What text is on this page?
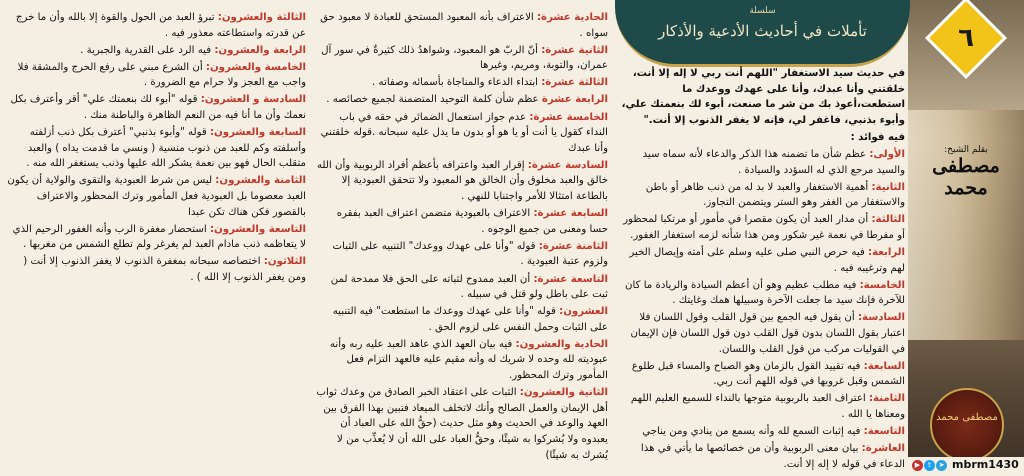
٦
بقلم الشيخ:
مصطفى محمد
مصطفى محمد
سلسلة
تأملات في أحاديث الأدعية والأذكار

في حديث سيد الاستغفار "اللهم أنت ربي لا إله إلا أنت، خلقتني وأنا عبدك، وأنا على عهدك ووعدك ما استطعت،أعوذ بك من شر ما صنعت، أبوء لك بنعمتك علي، وأبوء بذنبي، فاغفر لي، فإنه لا يغفر الذنوب إلا أنت."

فيه فوائد :

الأولى: عظم شأن ما تضمنه هذا الذكر والدعاء لأنه سماه سيد والسيد مرجع الذي له السؤدد والسيادة .

الثانية: أهمية الاستغفار والعبد لا بد له من ذنب ظاهر أو باطن والاستغفار من الغفر وهو الستر ويتضمن التجاوز.

الثالثة: أن مدار العبد أن يكون مقصرا في مأمور أو مرتكبا لمحظور أو مفرطا في نعمة غير شكور ومن هذا شأنه لزمه استغفار الغفور.

الرابعة: فيه حرص النبي صلى عليه وسلم على أمته وإيصال الخير لهم وترغيبه فيه .

الخامسة: فيه مطلب عظيم وهو أن أعظم السيادة والريادة ما كان للآخرة فإنك سيد ما جعلت الآخرة وسبيلها همك وغايتك .

السادسة: أن يقول فيه الجمع بين قول القلب وقول اللسان فلا اعتبار بقول اللسان بدون قول القلب دون قول اللسان فإن الإيمان في القوليات مركب من قول القلب واللسان.

السابعة: فيه تقييد القول بالزمان وهو الصباح والمساء قبل طلوع الشمس وقبل غروبها في قوله اللهم أنت ربي.

الثامنة: اعتراف العبد بالربوبية متوجها بالنداء للسميع العليم اللهم ومعناها يا الله .

التاسعة: فيه إثبات السمع لله وأنه يسمع من ينادي ومن يناجي

العاشرة: بيان معنى الربوبية وأن من خصائصها ما يأتي في هذا الدعاء في قوله لا إله إلا أنت.

الحادية عشرة: الاعتراف بأنه المعبود المستحق للعبادة لا معبود حق سواه .

الثانية عشرة: أنّ الربّ هو المعبود، وشواهدُ ذلك كثيرةٌ في سور آل عمران، والتوبة، ومريم، وغيرها

الثالثة عشرة: ابتداء الدعاء والمناجاة بأسمائه وصفاته .

الرابعة عشرة عظم شأن كلمة التوحيد المتضمنة لجميع خصائصه .

الخامسة عشرة: عدم جواز استعمال الضمائر في حقه في باب النداء كقول يا أنت أو يا هو أو بدون ما يدل عليه سبحانه .قوله خلقتني وأنا عبدك

السادسة عشرة: إقرار العبد واعترافه بأعظم أفراد الربوبية وأن الله خالق والعبد مخلوق وأن الخالق هو المعبود ولا تتحقق العبودية إلا بالطاعة امتثالا للأمر واجتنابا للنهي .

السابعة عشرة: الاعتراف بالعبودية متضمن اعتراف العبد بفقره حسا ومعنى من جميع الوجوه .

الثامنة عشرة: قوله "وأنا على عهدك ووعدك" التنبيه على الثبات ولزوم عتبة العبودية .

التاسعة عشرة: أن العبد ممدوح لثباته على الحق فلا ممدحة لمن ثبت على باطل ولو قتل في سبيله .

العشرون: قوله "وأنا على عهدك ووعدك ما استطعت" فيه التنبيه على الثبات وحمل النفس على لزوم الحق .

الحادية والعشرون: فيه بيان العهد الذي عاهد العبد عليه ربه وأنه عبوديته لله وحده لا شريك له وأنه مقيم عليه فالعهد التزام فعل المأمور وترك المحظور.

الثانية والعشرون: الثبات على اعتقاد الخبر الصادق من وعدك ثواب أهل الإيمان والعمل الصالح وأنك لاتخلف الميعاد فتبين بهذا الفرق بين العهد والوعد في الحديث وهو مثل حديث (حقُّ الله على العباد أن يعبدوه ولا يُشركوا به شيئًا، وحقُّ العباد على الله أن لا يُعذِّب من لا يُشرك به شيئًا)

الثالثة والعشرون: تبرؤ العبد من الحول والقوة إلا بالله وأن ما خرج عن قدرته واستطاعته معذور فيه .

الرابعة والعشرون: فيه الرد على القدرية والجبرية .

الخامسة والعشرون: أن الشرع مبني على رفع الحرج والمشقة فلا واجب مع العجز ولا حرام مع الضرورة .

السادسة و العشرون: قوله "أبوء لك بنعمتك علي" أقر وأعترف بكل نعمك وأن ما أنا فيه من النعم الظاهرة والباطنة منك .

السابعة والعشرون: قوله "وأبوء بذنبي" أعترف بكل ذنب أزلفته وأسلفته وكم للعبد من ذنوب منسية ( ونسي ما قدمت يداه ) والعبد متقلب الحال فهو بين نعمة يشكر الله عليها وذنب يستغفر الله منه .

الثامنة والعشرون: ليس من شرط العبودية والتقوى والولاية أن يكون العبد معصوما بل العبودية فعل المأمور وترك المحظور والاعتراف بالقصور فكن هناك تكن عبدا

التاسعة والعشرون: استحضار مغفرة الرب وأنه الغفور الرحيم الذي لا يتعاظمه ذنب مادام العبد لم يغرغر ولم تطلع الشمس من مغربها .

الثلاثون: اختصاصه سبحانه بمغفرة الذنوب لا يغفر الذنوب إلا أنت ( ومن يغفر الذنوب إلا الله ) .

▶	t	➤ mbrm1430
